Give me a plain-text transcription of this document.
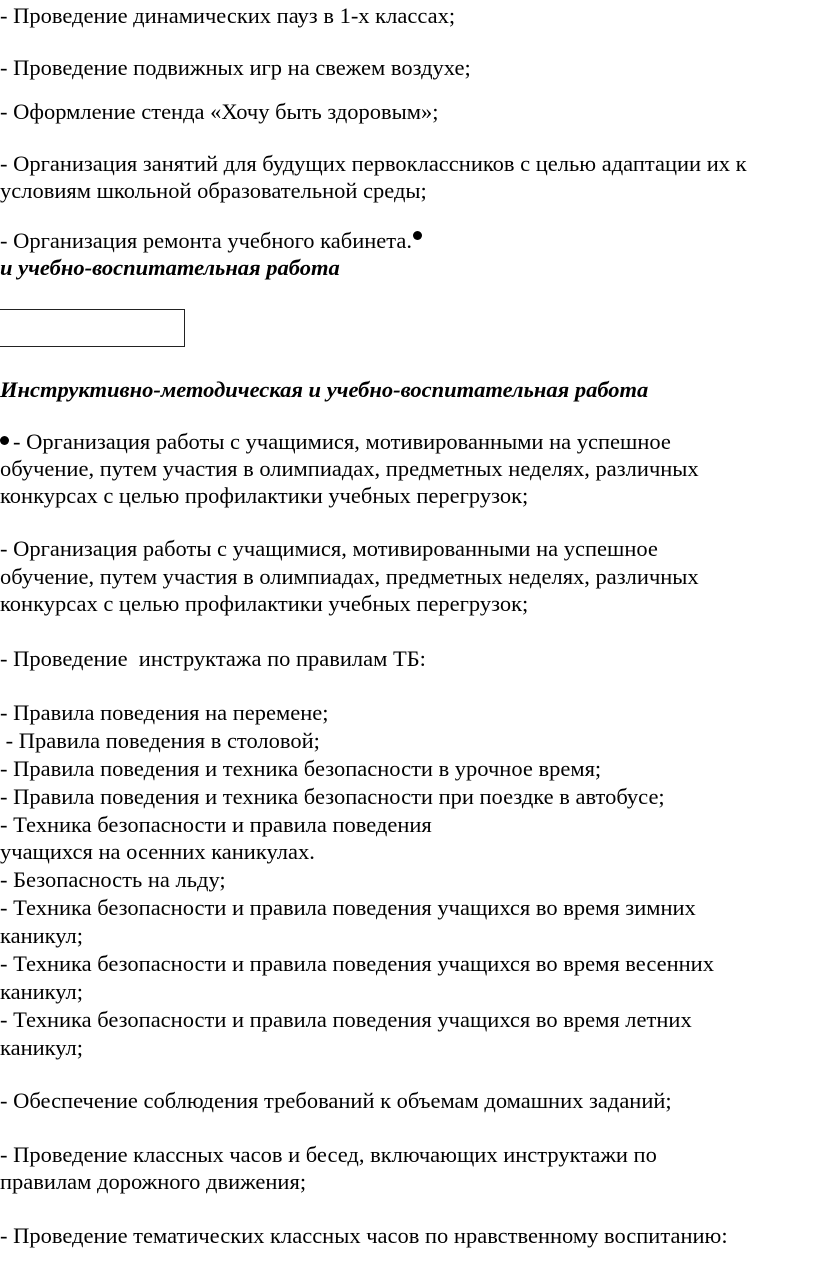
- Проведение динамических пауз в 1-х классах;
- Проведение подвижных игр на свежем воздухе;
- Оформление стенда «Хочу быть здоровым»;
- Организация занятий для будущих первоклассников с целью адаптации их к
условиям школьной образовательной среды;
- Организация ремонта учебного кабинета.
и учебно-воспитательная работа
Инструктивно-методическая и учебно-воспитательная работа
- Организация работы с учащимися, мотивированными на успешное
обучение, путем участия в олимпиадах, предметных неделях, различных
конкурсах с целью профилактики учебных перегрузок;
- Организация работы с учащимися, мотивированными на успешное
обучение, путем участия в олимпиадах, предметных неделях, различных
конкурсах с целью профилактики учебных перегрузок;
- Проведение  инструктажа по правилам ТБ:
- Правила поведения на перемене;
- Правила поведения в столовой;
- Правила поведения и техника безопасности в урочное время;
- Правила поведения и техника безопасности при поездке в автобусе;
- Техника безопасности и правила поведения
учащихся на осенних каникулах.
- Безопасность на льду;
- Техника безопасности и правила поведения учащихся во время зимних
каникул;
- Техника безопасности и правила поведения учащихся во время весенних
каникул;
- Техника безопасности и правила поведения учащихся во время летних
каникул;
- Обеспечение соблюдения требований к объемам домашних заданий;
- Проведение классных часов и бесед, включающих инструктажи по
правилам дорожного движения;
- Проведение тематических классных часов по нравственному воспитанию:
